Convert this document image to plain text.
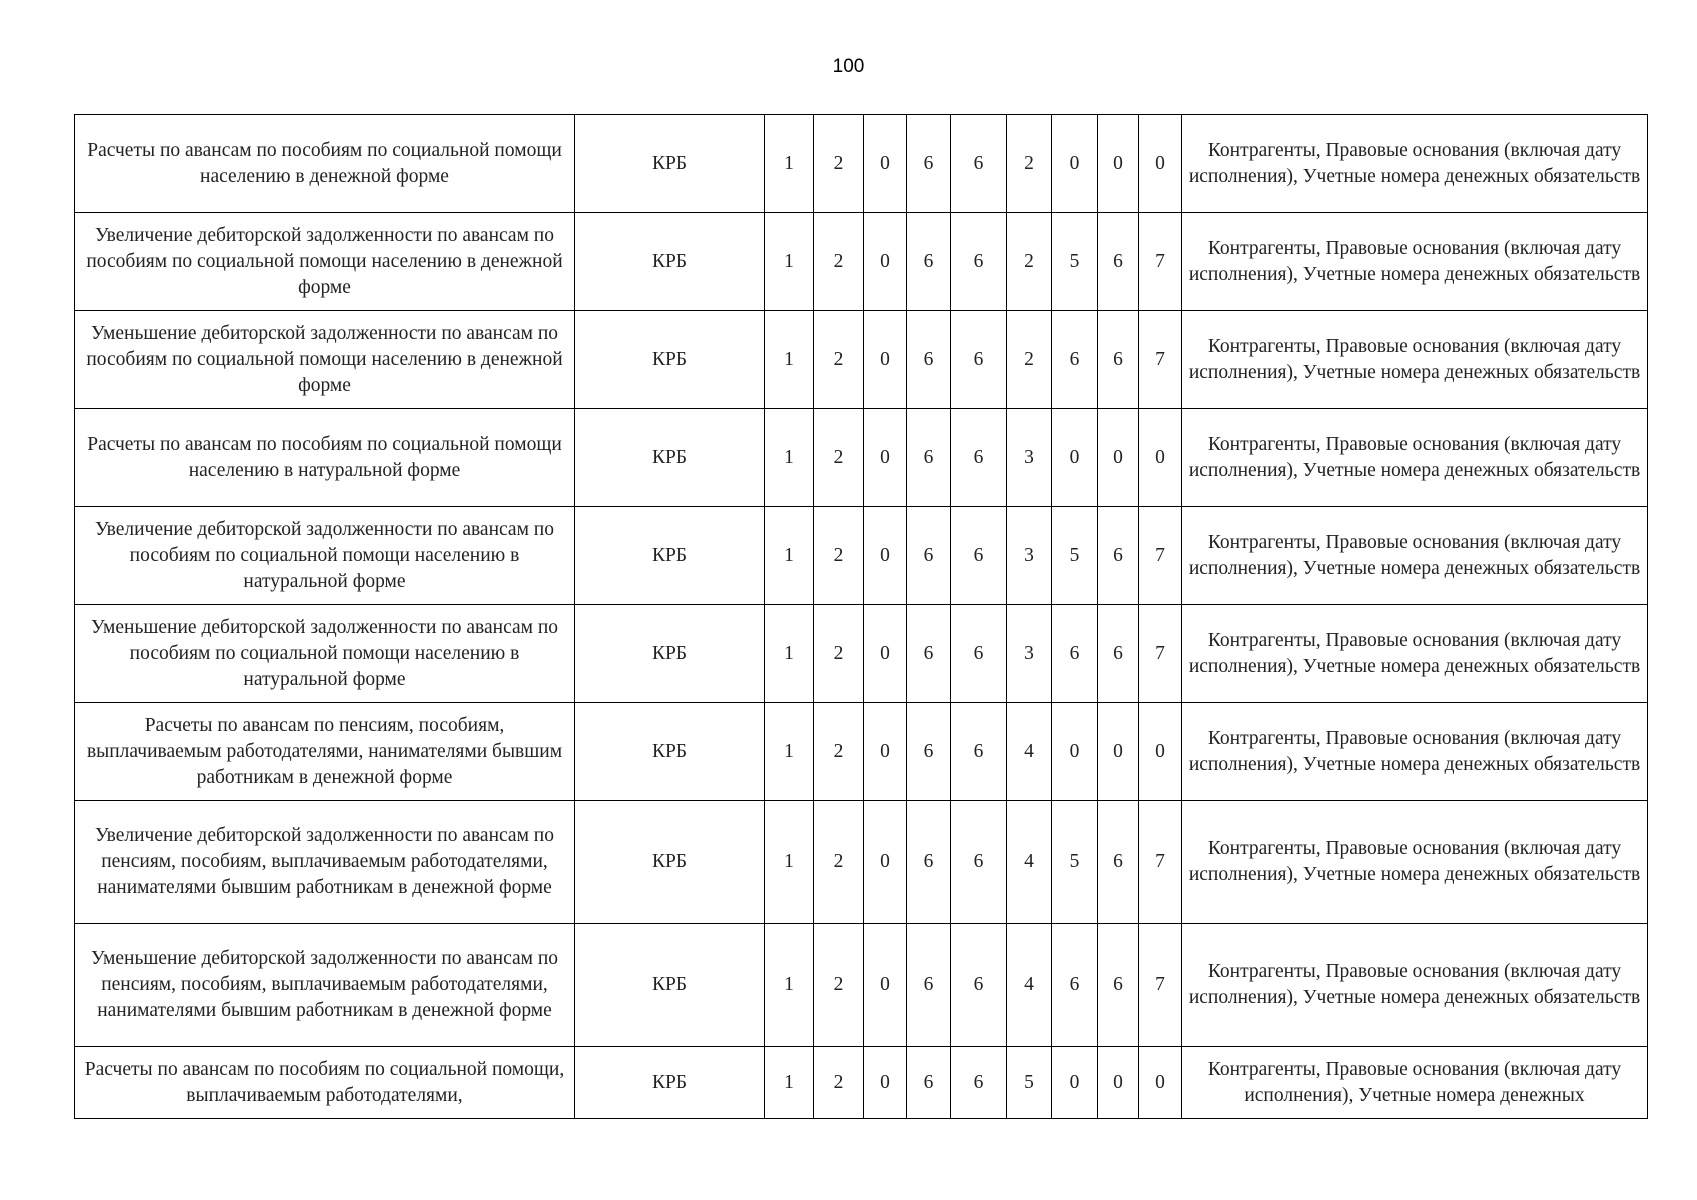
100
Расчеты по авансам по пособиям по социальной помощи населению в денежной форме	КРБ	1	2	0	6	6	2	0	0	0	Контрагенты, Правовые основания (включая дату исполнения), Учетные номера денежных обязательств
Увеличение дебиторской задолженности по авансам по пособиям по социальной помощи населению в денежной форме	КРБ	1	2	0	6	6	2	5	6	7	Контрагенты, Правовые основания (включая дату исполнения), Учетные номера денежных обязательств
Уменьшение дебиторской задолженности по авансам по пособиям по социальной помощи населению в денежной форме	КРБ	1	2	0	6	6	2	6	6	7	Контрагенты, Правовые основания (включая дату исполнения), Учетные номера денежных обязательств
Расчеты по авансам по пособиям по социальной помощи населению в натуральной форме	КРБ	1	2	0	6	6	3	0	0	0	Контрагенты, Правовые основания (включая дату исполнения), Учетные номера денежных обязательств
Увеличение дебиторской задолженности по авансам по пособиям по социальной помощи населению в натуральной форме	КРБ	1	2	0	6	6	3	5	6	7	Контрагенты, Правовые основания (включая дату исполнения), Учетные номера денежных обязательств
Уменьшение дебиторской задолженности по авансам по пособиям по социальной помощи населению в натуральной форме	КРБ	1	2	0	6	6	3	6	6	7	Контрагенты, Правовые основания (включая дату исполнения), Учетные номера денежных обязательств
Расчеты по авансам по пенсиям, пособиям, выплачиваемым работодателями, нанимателями бывшим работникам в денежной форме	КРБ	1	2	0	6	6	4	0	0	0	Контрагенты, Правовые основания (включая дату исполнения), Учетные номера денежных обязательств
Увеличение дебиторской задолженности по авансам по пенсиям, пособиям, выплачиваемым работодателями, нанимателями бывшим работникам в денежной форме	КРБ	1	2	0	6	6	4	5	6	7	Контрагенты, Правовые основания (включая дату исполнения), Учетные номера денежных обязательств
Уменьшение дебиторской задолженности по авансам по пенсиям, пособиям, выплачиваемым работодателями, нанимателями бывшим работникам в денежной форме	КРБ	1	2	0	6	6	4	6	6	7	Контрагенты, Правовые основания (включая дату исполнения), Учетные номера денежных обязательств
Расчеты по авансам по пособиям по социальной помощи, выплачиваемым работодателями,	КРБ	1	2	0	6	6	5	0	0	0	Контрагенты, Правовые основания (включая дату исполнения), Учетные номера денежных
